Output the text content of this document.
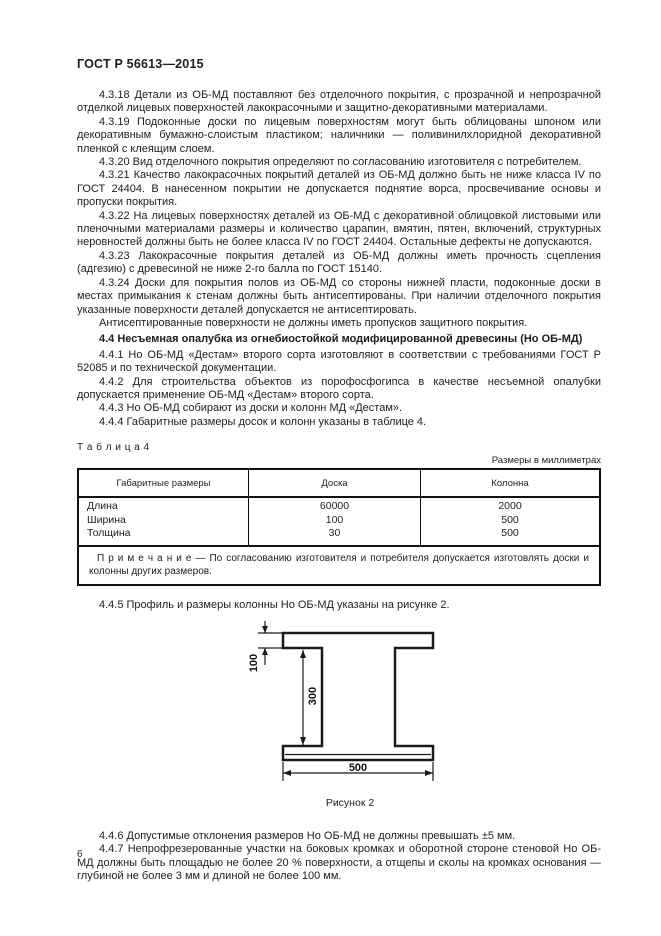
ГОСТ Р 56613—2015

4.3.18 Детали из ОБ-МД поставляют без отделочного покрытия, с прозрачной и непрозрачной отделкой лицевых поверхностей лакокрасочными и защитно-декоративными материалами.

4.3.19 Подоконные доски по лицевым поверхностям могут быть облицованы шпоном или декоративным бумажно-слоистым пластиком; наличники — поливинилхлоридной декоративной пленкой с клеящим слоем.

4.3.20 Вид отделочного покрытия определяют по согласованию изготовителя с потребителем.

4.3.21 Качество лакокрасочных покрытий деталей из ОБ-МД должно быть не ниже класса IV по ГОСТ 24404. В нанесенном покрытии не допускается поднятие ворса, просвечивание основы и пропуски покрытия.

4.3.22 На лицевых поверхностях деталей из ОБ-МД с декоративной облицовкой листовыми или пленочными материалами размеры и количество царапин, вмятин, пятен, включений, структурных неровностей должны быть не более класса IV по ГОСТ 24404. Остальные дефекты не допускаются.

4.3.23 Лакокрасочные покрытия деталей из ОБ-МД должны иметь прочность сцепления (адгезию) с древесиной не ниже 2-го балла по ГОСТ 15140.

4.3.24 Доски для покрытия полов из ОБ-МД со стороны нижней пласти, подоконные доски в местах примыкания к стенам должны быть антисептированы. При наличии отделочного покрытия указанные поверхности деталей допускается не антисептировать.

Антисептированные поверхности не должны иметь пропусков защитного покрытия.

4.4 Несъемная опалубка из огнебиостойкой модифицированной древесины (Но ОБ-МД)

4.4.1 Но ОБ-МД «Дестам» второго сорта изготовляют в соответствии с требованиями ГОСТ Р 52085 и по технической документации.

4.4.2 Для строительства объектов из порофосфогипса в качестве несъемной опалубки допускается применение ОБ-МД «Дестам» второго сорта.

4.4.3 Но ОБ-МД собирают из доски и колонн МД «Дестам».

4.4.4 Габаритные размеры досок и колонн указаны в таблице 4.

Т а б л и ц а 4

Размеры в миллиметрах

Габаритные размеры	Доска	Колонна
Длина
Ширина
Толщина
60000
100
30
2000
500
500
П р и м е ч а н и е — По согласованию изготовителя и потребителя допускается изготовлять доски и колонны других размеров.

4.4.5 Профиль и размеры колонны Но ОБ-МД указаны на рисунке 2.

100
300
500

Рисунок 2

4.4.6 Допустимые отклонения размеров Но ОБ-МД не должны превышать ±5 мм.

4.4.7 Непрофрезерованные участки на боковых кромках и оборотной стороне стеновой Но ОБ-МД должны быть площадью не более 20 % поверхности, а отщепы и сколы на кромках основания — глубиной не более 3 мм и длиной не более 100 мм.

6
